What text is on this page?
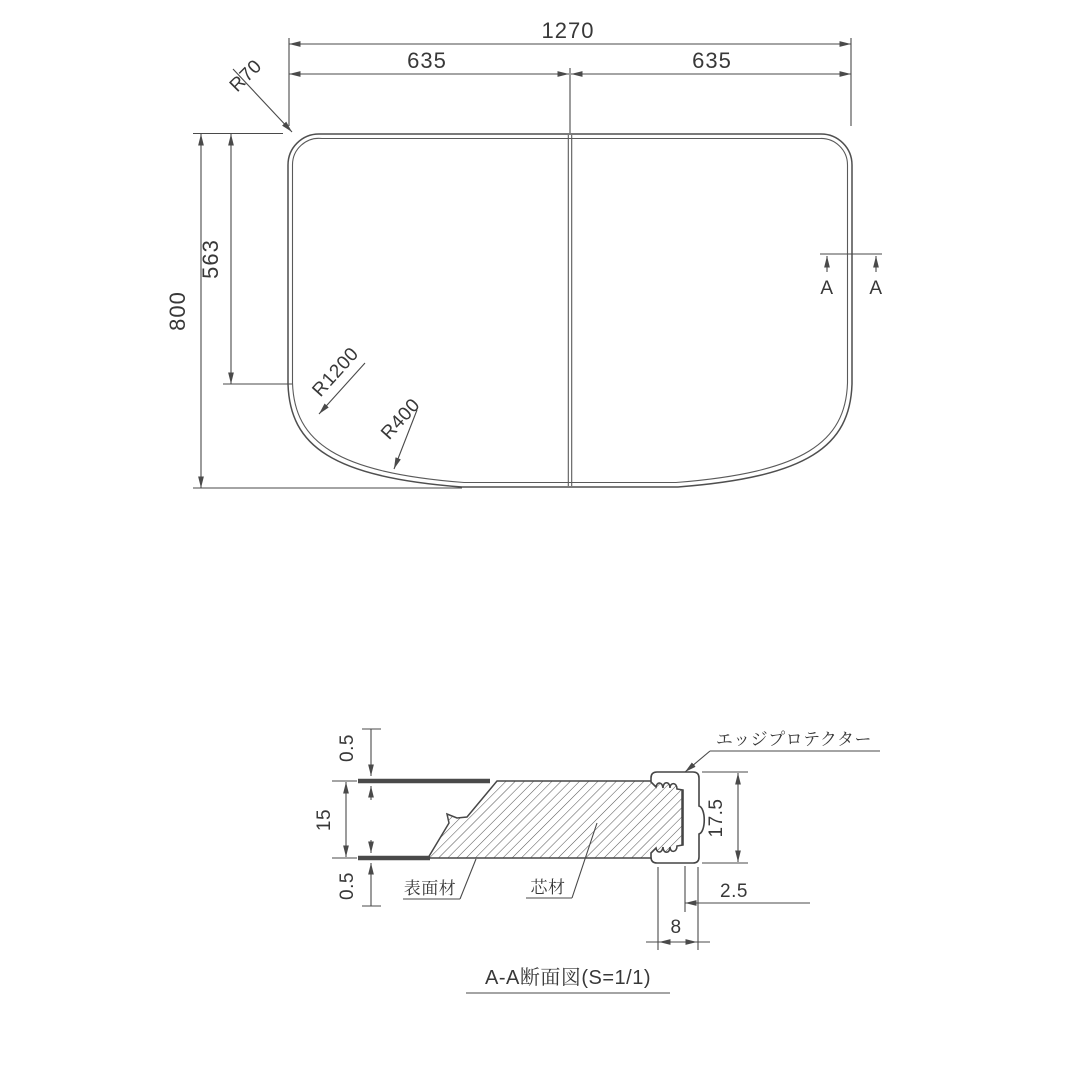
1270
635	635
800
563
R70
R1200
R400
A A
0.5
15
0.5
17.5
2.5
8
エッジプロテクター
表面材	芯材
A-A断面図(S=1/1)
